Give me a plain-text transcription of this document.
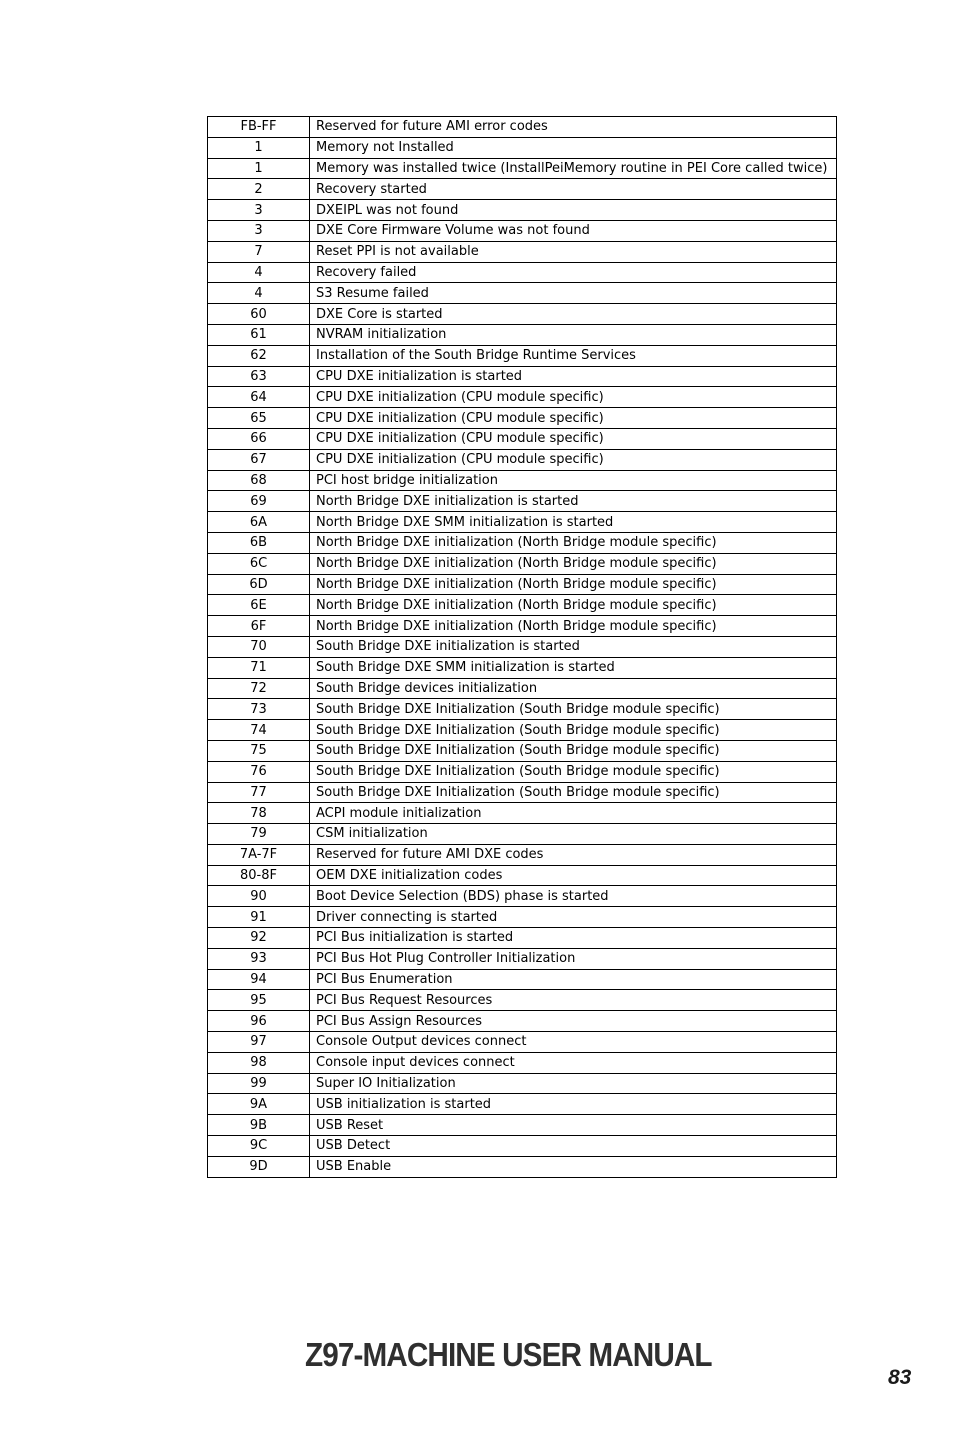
FB-FF	Reserved for future AMI error codes
1	Memory not Installed
1	Memory was installed twice (InstallPeiMemory routine in PEI Core called twice)
2	Recovery started
3	DXEIPL was not found
3	DXE Core Firmware Volume was not found
7	Reset PPI is not available
4	Recovery failed
4	S3 Resume failed
60	DXE Core is started
61	NVRAM initialization
62	Installation of the South Bridge Runtime Services
63	CPU DXE initialization is started
64	CPU DXE initialization (CPU module specific)
65	CPU DXE initialization (CPU module specific)
66	CPU DXE initialization (CPU module specific)
67	CPU DXE initialization (CPU module specific)
68	PCI host bridge initialization
69	North Bridge DXE initialization is started
6A	North Bridge DXE SMM initialization is started
6B	North Bridge DXE initialization (North Bridge module specific)
6C	North Bridge DXE initialization (North Bridge module specific)
6D	North Bridge DXE initialization (North Bridge module specific)
6E	North Bridge DXE initialization (North Bridge module specific)
6F	North Bridge DXE initialization (North Bridge module specific)
70	South Bridge DXE initialization is started
71	South Bridge DXE SMM initialization is started
72	South Bridge devices initialization
73	South Bridge DXE Initialization (South Bridge module specific)
74	South Bridge DXE Initialization (South Bridge module specific)
75	South Bridge DXE Initialization (South Bridge module specific)
76	South Bridge DXE Initialization (South Bridge module specific)
77	South Bridge DXE Initialization (South Bridge module specific)
78	ACPI module initialization
79	CSM initialization
7A-7F	Reserved for future AMI DXE codes
80-8F	OEM DXE initialization codes
90	Boot Device Selection (BDS) phase is started
91	Driver connecting is started
92	PCI Bus initialization is started
93	PCI Bus Hot Plug Controller Initialization
94	PCI Bus Enumeration
95	PCI Bus Request Resources
96	PCI Bus Assign Resources
97	Console Output devices connect
98	Console input devices connect
99	Super IO Initialization
9A	USB initialization is started
9B	USB Reset
9C	USB Detect
9D	USB Enable
Z97-MACHINE USER MANUAL
83
